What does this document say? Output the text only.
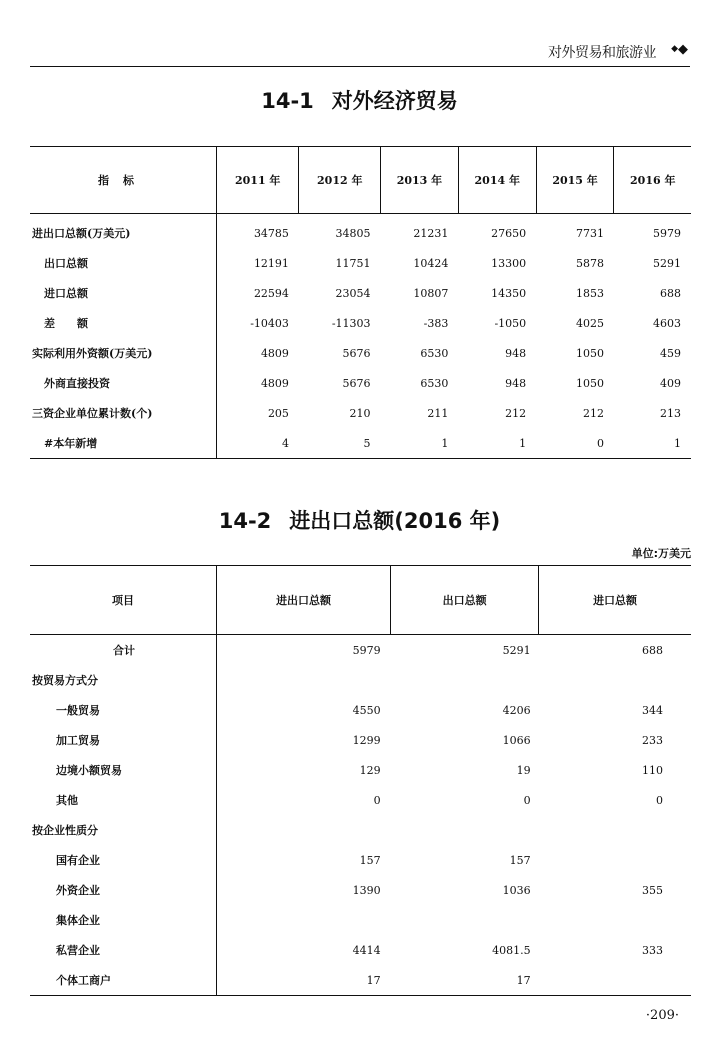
对外贸易和旅游业 ◆◆
14-1 对外经济贸易
指标	2011 年	2012 年	2013 年	2014 年	2015 年	2016 年
进出口总额(万美元)	34785	34805	21231	27650	7731	5979
出口总额	12191	11751	10424	13300	5878	5291
进口总额	22594	23054	10807	14350	1853	688
差　　额	-10403	-11303	-383	-1050	4025	4603
实际利用外资额(万美元)	4809	5676	6530	948	1050	459
外商直接投资	4809	5676	6530	948	1050	409
三资企业单位累计数(个)	205	210	211	212	212	213
#本年新增	4	5	1	1	0	1
14-2 进出口总额(2016 年)
单位:万美元
项目	进出口总额	出口总额	进口总额
合计	5979	5291	688
按贸易方式分			
一般贸易	4550	4206	344
加工贸易	1299	1066	233
边境小额贸易	129	19	110
其他	0	0	0
按企业性质分			
国有企业	157	157	
外资企业	1390	1036	355
集体企业			
私营企业	4414	4081.5	333
个体工商户	17	17	
·209·
